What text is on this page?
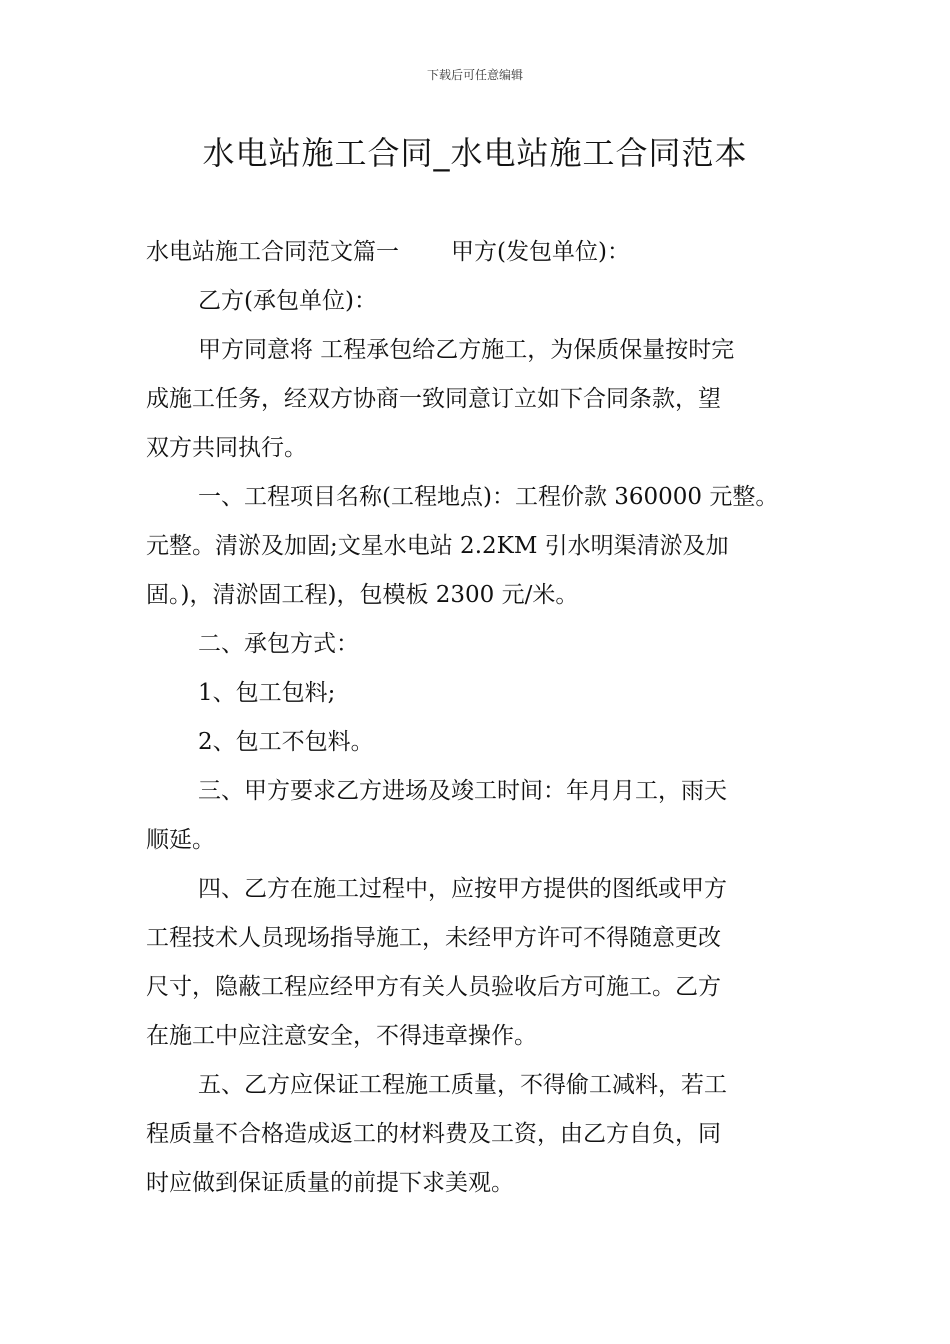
下载后可任意编辑
水电站施工合同_水电站施工合同范本

水电站施工合同范文篇一 甲方(发包单位)：

乙方(承包单位)：

甲方同意将 工程承包给乙方施工，为保质保量按时完
成施工任务，经双方协商一致同意订立如下合同条款，望
双方共同执行。

一、工程项目名称(工程地点)：工程价款 360000 元整。
元整。清淤及加固;文星水电站 2.2KM 引水明渠清淤及加
固。)，清淤固工程)，包模板 2300 元/米。

二、承包方式：

1、包工包料;

2、包工不包料。

三、甲方要求乙方进场及竣工时间：年月月工，雨天
顺延。

四、乙方在施工过程中，应按甲方提供的图纸或甲方
工程技术人员现场指导施工，未经甲方许可不得随意更改
尺寸，隐蔽工程应经甲方有关人员验收后方可施工。乙方
在施工中应注意安全，不得违章操作。

五、乙方应保证工程施工质量，不得偷工减料，若工
程质量不合格造成返工的材料费及工资，由乙方自负，同
时应做到保证质量的前提下求美观。
